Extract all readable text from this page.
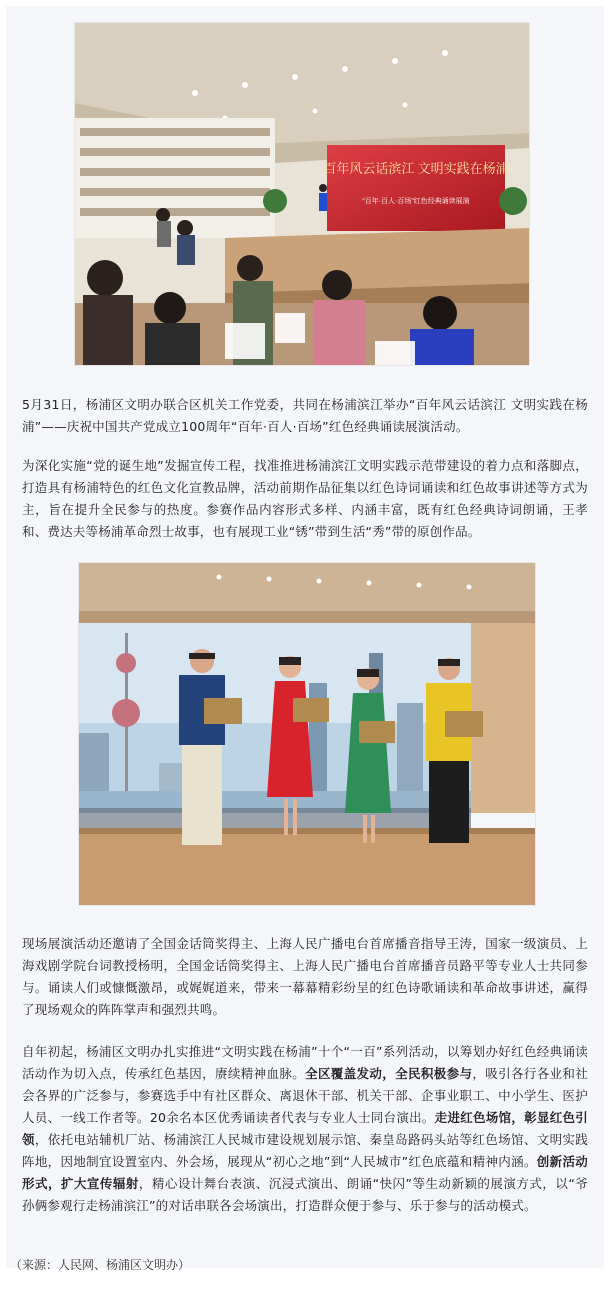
百年风云话滨江 文明实践在杨浦
“百年·百人·百场”红色经典诵读展演

5月31日，杨浦区文明办联合区机关工作党委，共同在杨浦滨江举办“百年风云话滨江 文明实践在杨浦”——庆祝中国共产党成立100周年“百年·百人·百场”红色经典诵读展演活动。

为深化实施“党的诞生地”发掘宣传工程，找准推进杨浦滨江文明实践示范带建设的着力点和落脚点，打造具有杨浦特色的红色文化宣教品牌，活动前期作品征集以红色诗词诵读和红色故事讲述等方式为主，旨在提升全民参与的热度。参赛作品内容形式多样、内涵丰富，既有红色经典诗词朗诵，王孝和、费达夫等杨浦革命烈士故事，也有展现工业“锈”带到生活“秀”带的原创作品。

现场展演活动还邀请了全国金话筒奖得主、上海人民广播电台首席播音指导王涛，国家一级演员、上海戏剧学院台词教授杨明，全国金话筒奖得主、上海人民广播电台首席播音员路平等专业人士共同参与。诵读人们或慷慨激昂，或娓娓道来，带来一幕幕精彩纷呈的红色诗歌诵读和革命故事讲述，赢得了现场观众的阵阵掌声和强烈共鸣。

自年初起，杨浦区文明办扎实推进“文明实践在杨浦”十个“一百”系列活动，以筹划办好红色经典诵读活动作为切入点，传承红色基因，赓续精神血脉。全区覆盖发动，全民积极参与，吸引各行各业和社会各界的广泛参与，参赛选手中有社区群众、离退休干部、机关干部、企事业职工、中小学生、医护人员、一线工作者等。20余名本区优秀诵读者代表与专业人士同台演出。走进红色场馆，彰显红色引领，依托电站辅机厂站、杨浦滨江人民城市建设规划展示馆、秦皇岛路码头站等红色场馆、文明实践阵地，因地制宜设置室内、外会场，展现从“初心之地”到“人民城市”红色底蕴和精神内涵。创新活动形式，扩大宣传辐射，精心设计舞台表演、沉浸式演出、朗诵“快闪”等生动新颖的展演方式，以“爷孙俩参观行走杨浦滨江”的对话串联各会场演出，打造群众便于参与、乐于参与的活动模式。

（来源：人民网、杨浦区文明办）
